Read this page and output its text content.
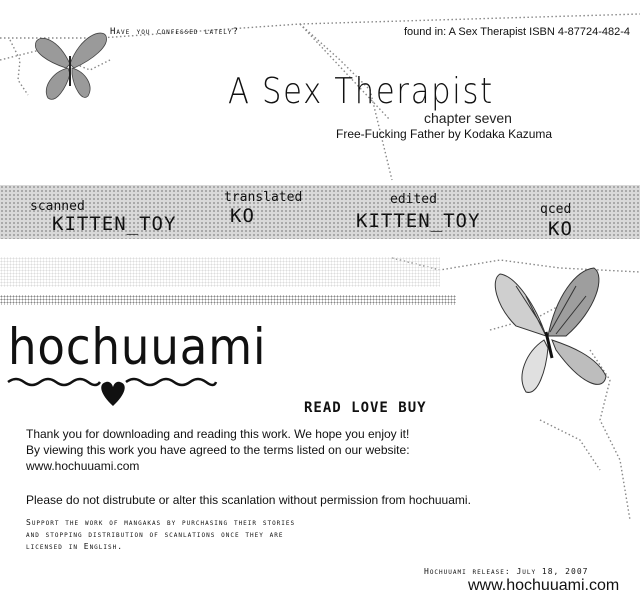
Have you confessed lately?	found in: A Sex Therapist ISBN 4-87724-482-4
A Sex Therapist
chapter seven
Free-Fucking Father by Kodaka Kazuma
scanned
KITTEN_TOY
translated
KO
edited
KITTEN_TOY
qced
KO
hochuuami
READ LOVE BUY
Thank you for downloading and reading this work. We hope you enjoy it!
By viewing this work you have agreed to the terms listed on our website:
www.hochuuami.com
Please do not distrubute or alter this scanlation without permission from hochuuami.
Support the work of mangakas by purchasing their stories
and stopping distribution of scanlations once they are
licensed in English.
Hochuuami release: July 18, 2007
www.hochuuami.com
